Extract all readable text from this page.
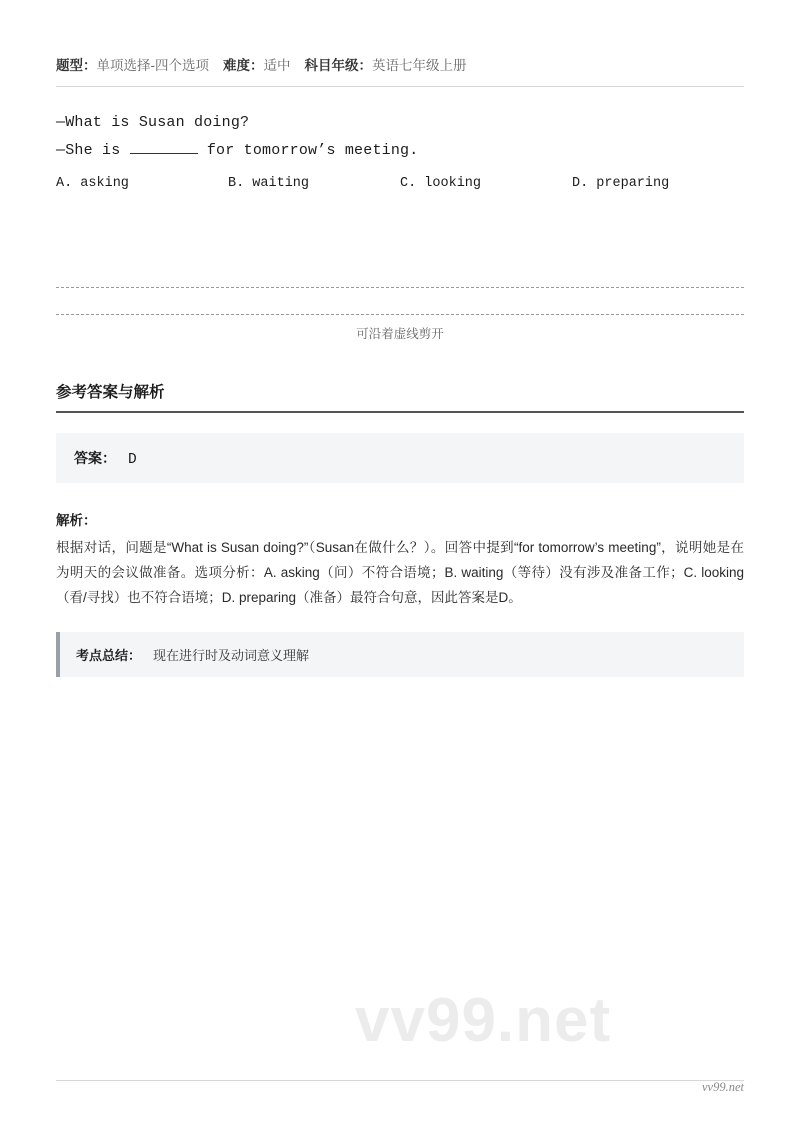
题型：单项选择-四个选项 难度：适中 科目年级：英语七年级上册
—What is Susan doing?
—She is	for tomorrow’s meeting.
A. asking	B. waiting	C. looking	D. preparing
可沿着虚线剪开
参考答案与解析
答案： D
解析：
根据对话，问题是“What is Susan doing?”（Susan在做什么？）。回答中提到“for tomorrow’s meeting”，说明她是在为明天的会议做准备。选项分析：A. asking（问）不符合语境；B. waiting（等待）没有涉及准备工作；C. looking（看/寻找）也不符合语境；D. preparing（准备）最符合句意，因此答案是D。
考点总结： 现在进行时及动词意义理解
vv99.net
vv99.net
